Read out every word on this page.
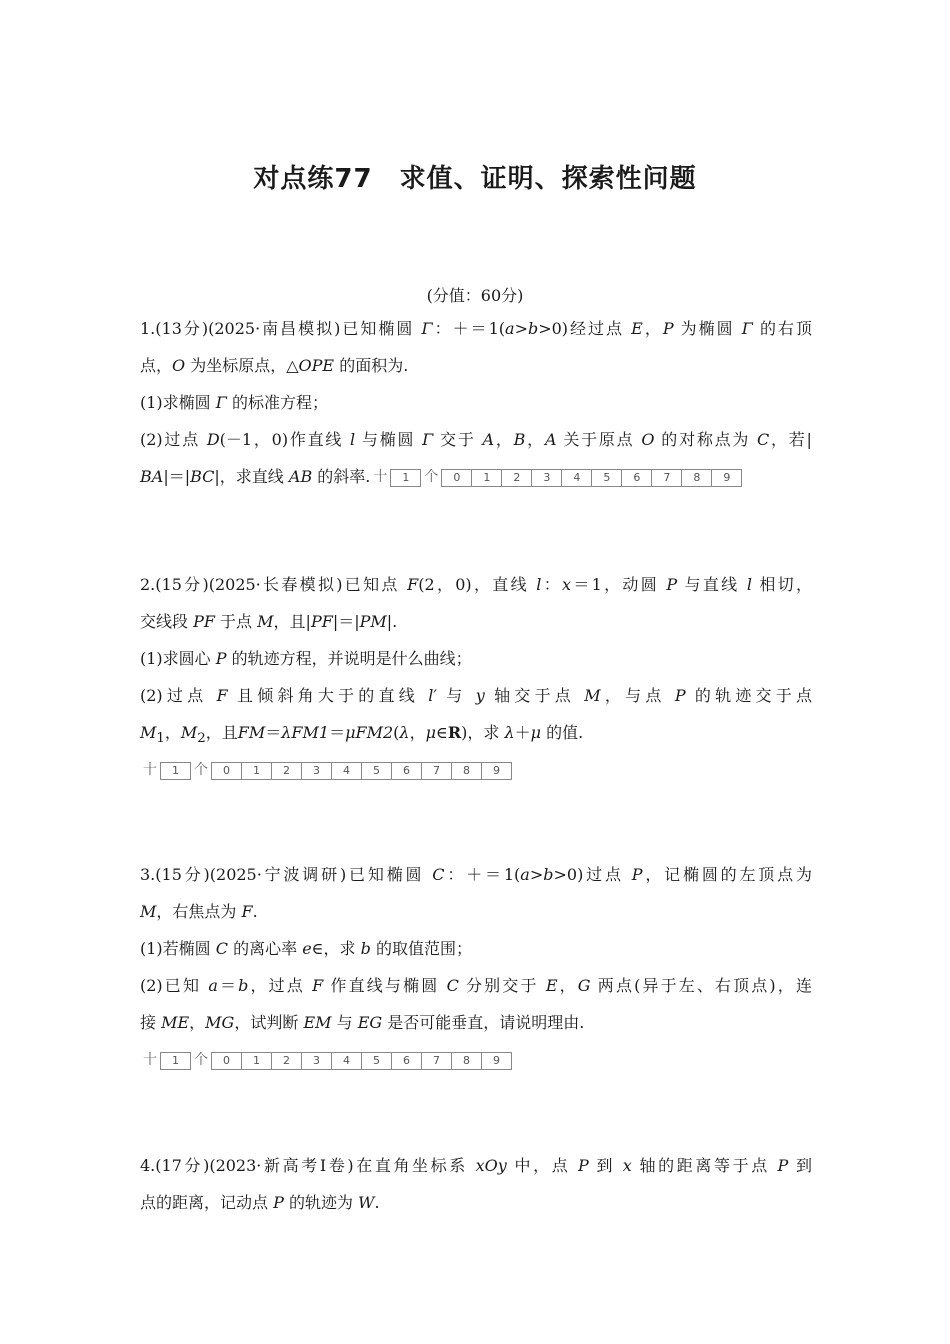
对点练77　求值、证明、探索性问题
(分值：60分)
1.(13分)(2025·南昌模拟)已知椭圆 Γ：＋＝1(a>b>0)经过点 E，P 为椭圆 Γ 的右顶
点，O 为坐标原点，△OPE 的面积为.
(1)求椭圆 Γ 的标准方程；
(2)过点 D(－1，0)作直线 l 与椭圆 Γ 交于 A，B，A 关于原点 O 的对称点为 C，若|
BA|＝|BC|，求直线 AB 的斜率. 十	1	个	0	1	2	3	4	5	6	7	8	9
2.(15分)(2025·长春模拟)已知点 F(2，0)，直线 l：x＝1，动圆 P 与直线 l 相切，
交线段 PF 于点 M，且|PF|＝|PM|.
(1)求圆心 P 的轨迹方程，并说明是什么曲线；
(2)过点 F 且倾斜角大于的直线 l′ 与 y 轴交于点 M，与点 P 的轨迹交于点
$M_1$，$M_2$，且FM＝λFM1＝μFM2(λ，μ∈R)，求 λ＋μ 的值.
十	1	个	0	1	2	3	4	5	6	7	8	9
3.(15分)(2025·宁波调研)已知椭圆 C：＋＝1(a>b>0)过点 P，记椭圆的左顶点为
M，右焦点为 F.
(1)若椭圆 C 的离心率 e∈，求 b 的取值范围；
(2)已知 a＝b，过点 F 作直线与椭圆 C 分别交于 E，G 两点(异于左、右顶点)，连
接 ME，MG，试判断 EM 与 EG 是否可能垂直，请说明理由.
十	1	个	0	1	2	3	4	5	6	7	8	9
4.(17分)(2023·新高考Ⅰ卷)在直角坐标系 xOy 中，点 P 到 x 轴的距离等于点 P 到
点的距离，记动点 P 的轨迹为 W.
